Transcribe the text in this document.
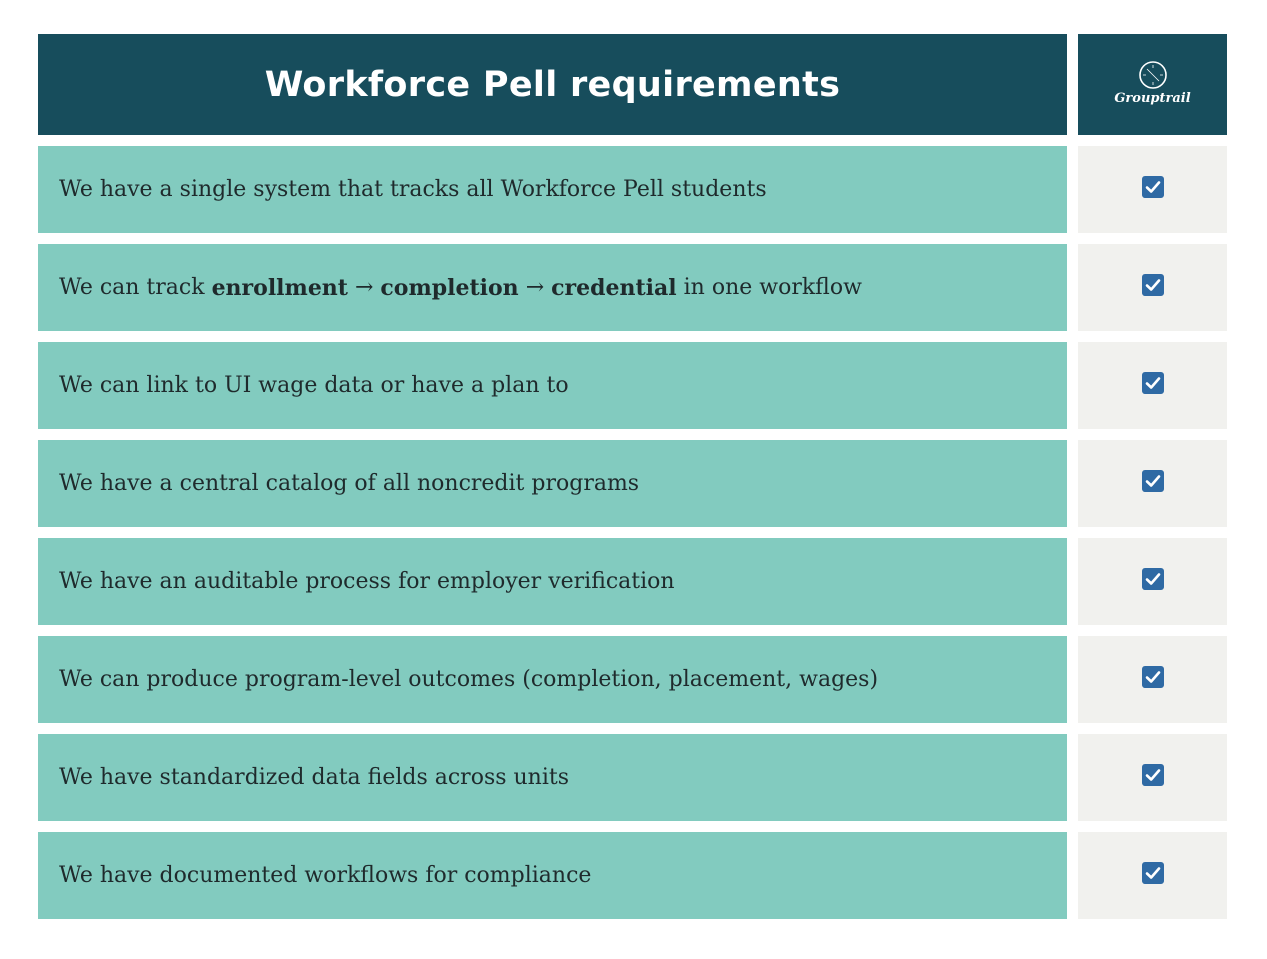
Workforce Pell requirements	Grouptrail
We have a single system that tracks all Workforce Pell students
We can track
enrollment
→
completion
→
credential
in one workflow
We can link to UI wage data or have a plan to
We have a central catalog of all noncredit programs
We have an auditable process for employer verification
We can produce program-level outcomes (completion, placement, wages)
We have standardized data fields across units
We have documented workflows for compliance
